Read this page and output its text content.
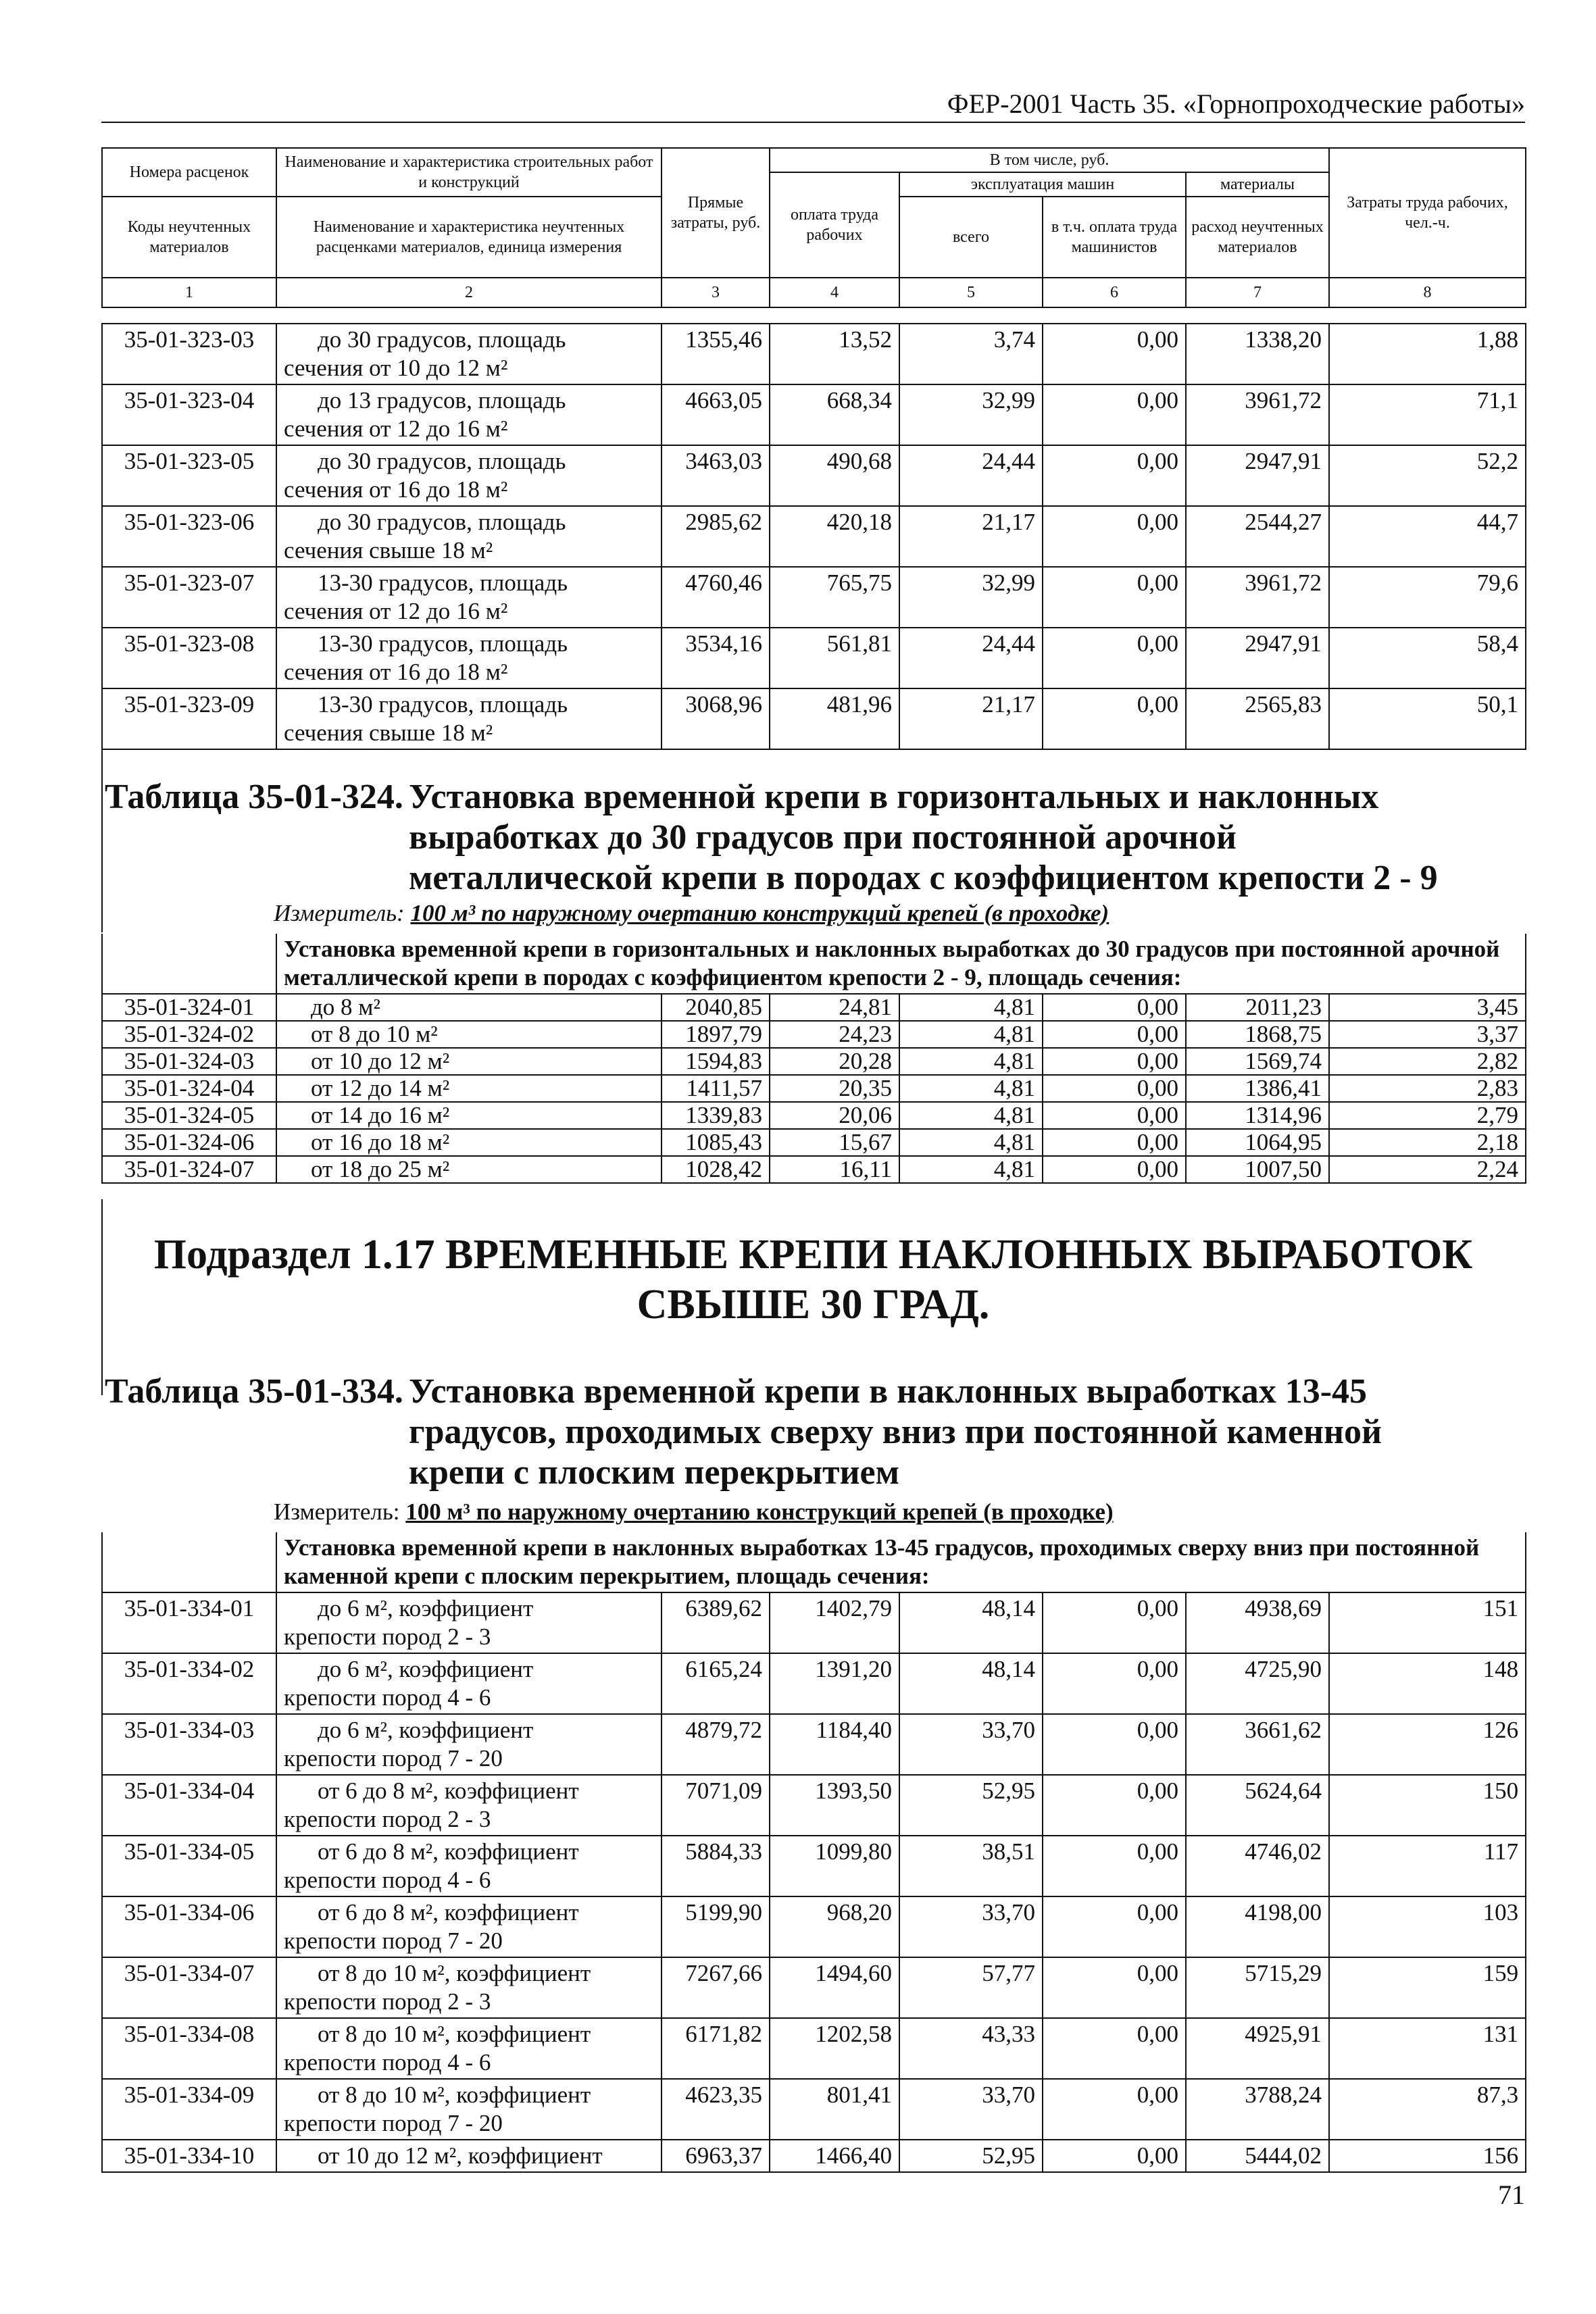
ФЕР-2001 Часть 35. «Горнопроходческие работы»
Номера расценок	Наименование и характеристика строительных работ и конструкций	Прямые затраты, руб.	В том числе, руб.				Затраты труда рабочих, чел.-ч.
			оплата труда рабочих	эксплуатация машин		материалы	
Коды неучтенных материалов	Наименование и характеристика неучтенных расценками материалов, единица измерения			всего	в т.ч. оплата труда машинистов	расход неучтенных материалов	

1	2	3	4	5	6	7	8
35-01-323-03	до 30 градусов, площадь
сечения от 10 до 12 м²	1355,46	13,52	3,74	0,00	1338,20	1,88
35-01-323-04	до 13 градусов, площадь
сечения от 12 до 16 м²	4663,05	668,34	32,99	0,00	3961,72	71,1
35-01-323-05	до 30 градусов, площадь
сечения от 16 до 18 м²	3463,03	490,68	24,44	0,00	2947,91	52,2
35-01-323-06	до 30 градусов, площадь
сечения свыше 18 м²	2985,62	420,18	21,17	0,00	2544,27	44,7
35-01-323-07	13-30 градусов, площадь
сечения от 12 до 16 м²	4760,46	765,75	32,99	0,00	3961,72	79,6
35-01-323-08	13-30 градусов, площадь
сечения от 16 до 18 м²	3534,16	561,81	24,44	0,00	2947,91	58,4
35-01-323-09	13-30 градусов, площадь
сечения свыше 18 м²	3068,96	481,96	21,17	0,00	2565,83	50,1
Таблица 35-01-324. Установка временной крепи в горизонтальных и наклонных выработках до 30 градусов при постоянной арочной металлической крепи в породах с коэффициентом крепости 2 - 9
Измеритель: 100 м³ по наружному очертанию конструкций крепей (в проходке)
	Установка временной крепи в горизонтальных и наклонных выработках до 30 градусов при постоянной арочной металлической крепи в породах с коэффициентом крепости 2 - 9, площадь сечения:						
35-01-324-01	до 8 м²	2040,85	24,81	4,81	0,00	2011,23	3,45
35-01-324-02	от 8 до 10 м²	1897,79	24,23	4,81	0,00	1868,75	3,37
35-01-324-03	от 10 до 12 м²	1594,83	20,28	4,81	0,00	1569,74	2,82
35-01-324-04	от 12 до 14 м²	1411,57	20,35	4,81	0,00	1386,41	2,83
35-01-324-05	от 14 до 16 м²	1339,83	20,06	4,81	0,00	1314,96	2,79
35-01-324-06	от 16 до 18 м²	1085,43	15,67	4,81	0,00	1064,95	2,18
35-01-324-07	от 18 до 25 м²	1028,42	16,11	4,81	0,00	1007,50	2,24
Подраздел 1.17 ВРЕМЕННЫЕ КРЕПИ НАКЛОННЫХ ВЫРАБОТОК СВЫШЕ 30 ГРАД.
Таблица 35-01-334. Установка временной крепи в наклонных выработках 13-45 градусов, проходимых сверху вниз при постоянной каменной крепи с плоским перекрытием
Измеритель: 100 м³ по наружному очертанию конструкций крепей (в проходке)
	Установка временной крепи в наклонных выработках 13-45 градусов, проходимых сверху вниз при постоянной каменной крепи с плоским перекрытием, площадь сечения:						
35-01-334-01	до 6 м², коэффициент
крепости пород 2 - 3	6389,62	1402,79	48,14	0,00	4938,69	151
35-01-334-02	до 6 м², коэффициент
крепости пород 4 - 6	6165,24	1391,20	48,14	0,00	4725,90	148
35-01-334-03	до 6 м², коэффициент
крепости пород 7 - 20	4879,72	1184,40	33,70	0,00	3661,62	126
35-01-334-04	от 6 до 8 м², коэффициент
крепости пород 2 - 3	7071,09	1393,50	52,95	0,00	5624,64	150
35-01-334-05	от 6 до 8 м², коэффициент
крепости пород 4 - 6	5884,33	1099,80	38,51	0,00	4746,02	117
35-01-334-06	от 6 до 8 м², коэффициент
крепости пород 7 - 20	5199,90	968,20	33,70	0,00	4198,00	103
35-01-334-07	от 8 до 10 м², коэффициент
крепости пород 2 - 3	7267,66	1494,60	57,77	0,00	5715,29	159
35-01-334-08	от 8 до 10 м², коэффициент
крепости пород 4 - 6	6171,82	1202,58	43,33	0,00	4925,91	131
35-01-334-09	от 8 до 10 м², коэффициент
крепости пород 7 - 20	4623,35	801,41	33,70	0,00	3788,24	87,3
35-01-334-10	от 10 до 12 м², коэффициент	6963,37	1466,40	52,95	0,00	5444,02	156
71
